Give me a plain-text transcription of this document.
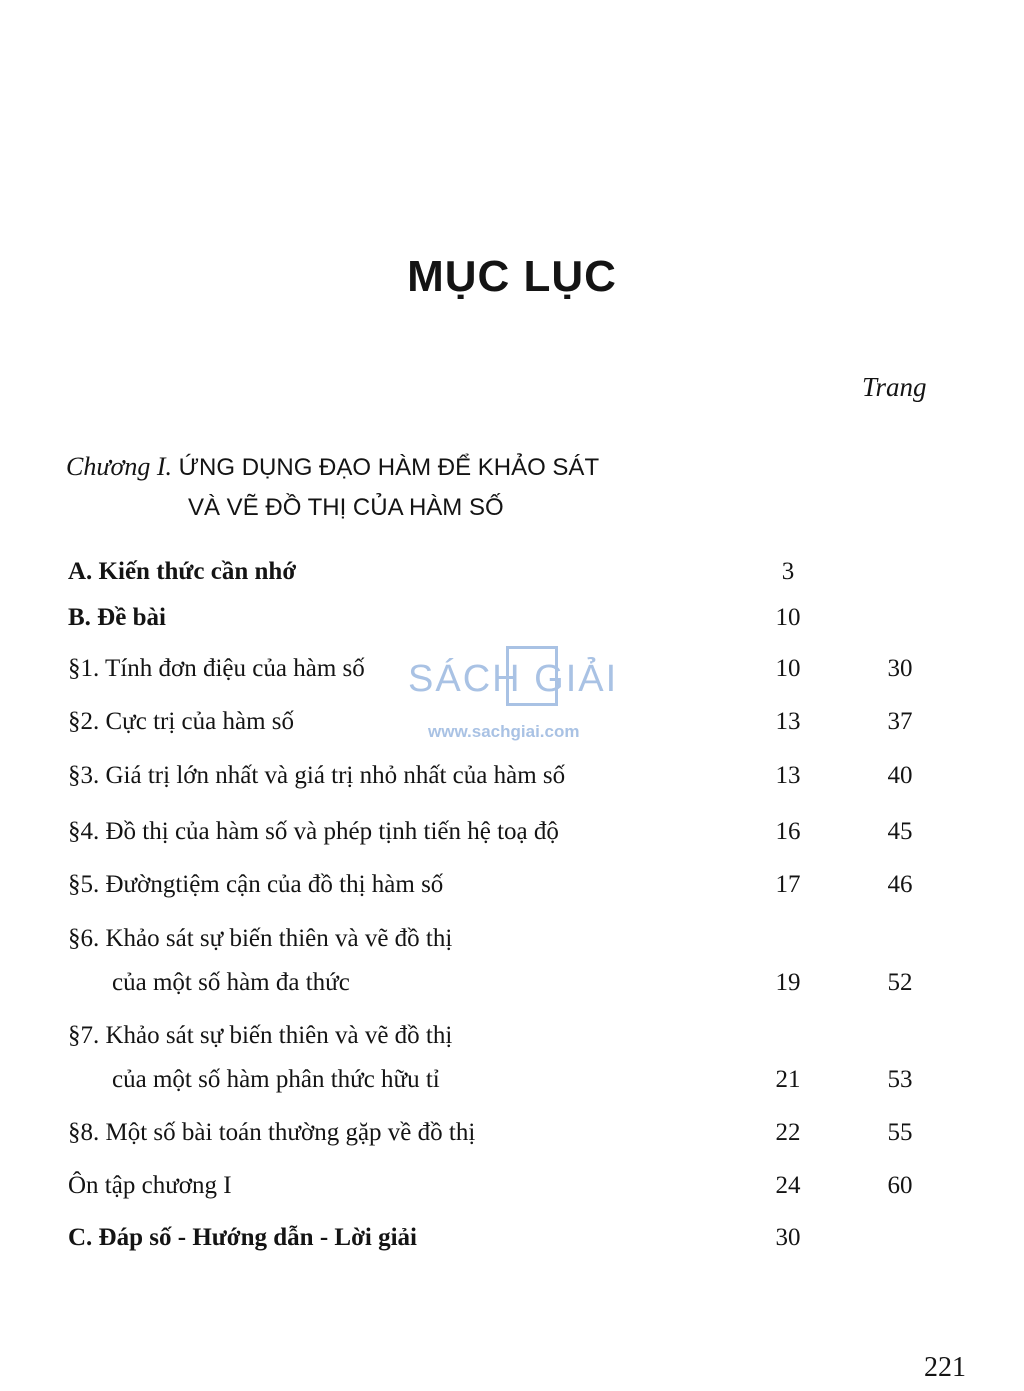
MỤC LỤC
Trang
Chương I. ỨNG DỤNG ĐẠO HÀM ĐỂ KHẢO SÁT
VÀ VẼ ĐỒ THỊ CỦA HÀM SỐ
A. Kiến thức cần nhớ	3
B. Đề bài	10
§1. Tính đơn điệu của hàm số	10	30
§2. Cực trị của hàm số	13	37
§3. Giá trị lớn nhất và giá trị nhỏ nhất của hàm số	13	40
§4. Đồ thị của hàm số và phép tịnh tiến hệ toạ độ	16	45
§5. Đườngtiệm cận của đồ thị hàm số	17	46
§6. Khảo sát sự biến thiên và vẽ đồ thị
của một số hàm đa thức	19	52
§7. Khảo sát sự biến thiên và vẽ đồ thị
của một số hàm phân thức hữu tỉ	21	53
§8. Một số bài toán thường gặp về đồ thị	22	55
Ôn tập chương I	24	60
C. Đáp số - Hướng dẫn - Lời giải	30
SÁCH GIẢI
www.sachgiai.com
221
